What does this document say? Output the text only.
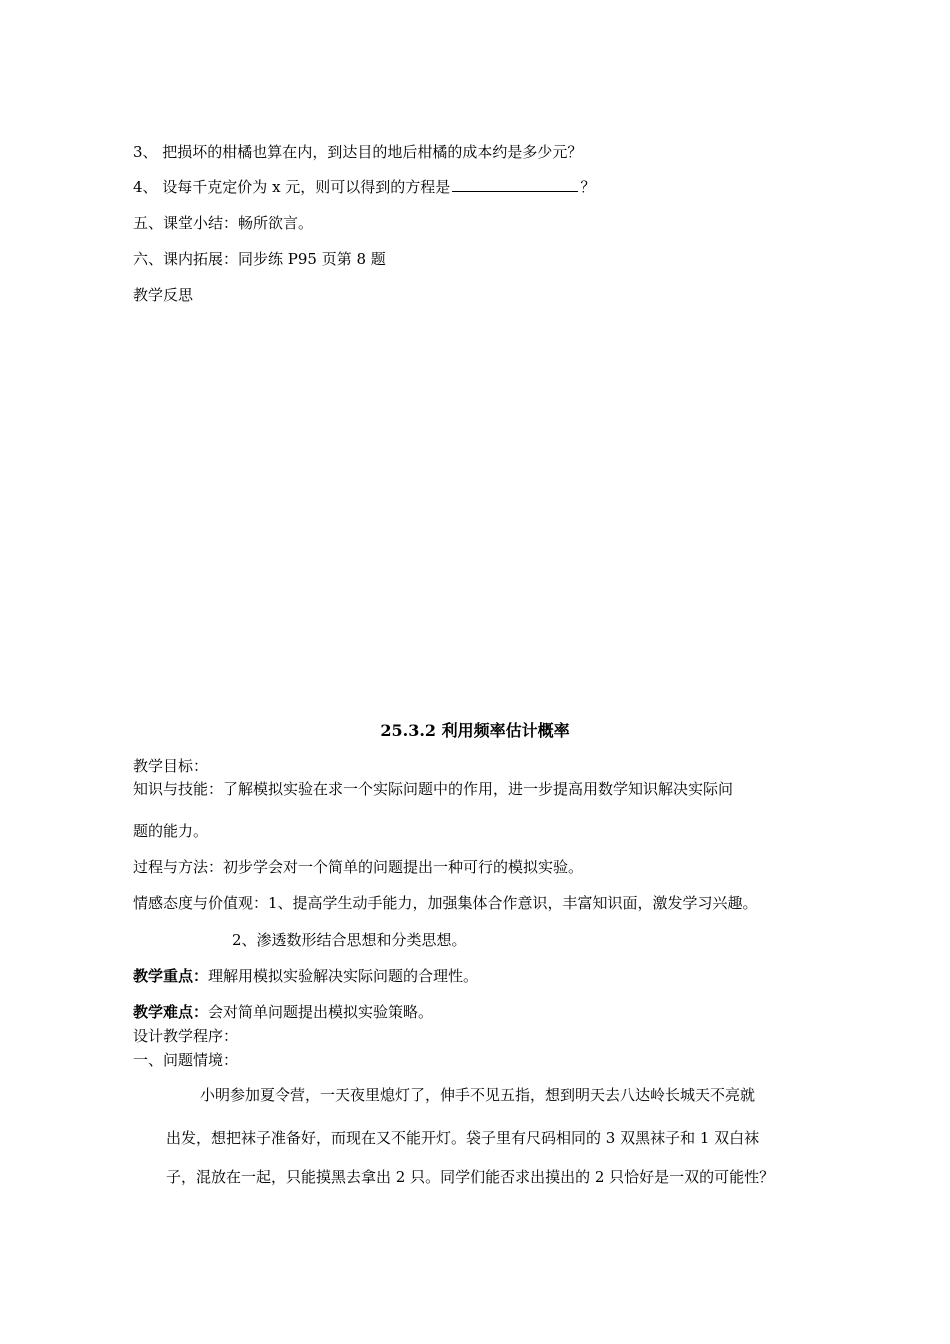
3、 把损坏的柑橘也算在内，到达目的地后柑橘的成本约是多少元？
4、 设每千克定价为 x 元，则可以得到的方程是	？
五、课堂小结：畅所欲言。
六、课内拓展：同步练 P95 页第 8 题
教学反思
25.3.2 利用频率估计概率
教学目标：
知识与技能：了解模拟实验在求一个实际问题中的作用，进一步提高用数学知识解决实际问
题的能力。
过程与方法：初步学会对一个简单的问题提出一种可行的模拟实验。
情感态度与价值观：1、提高学生动手能力，加强集体合作意识，丰富知识面，激发学习兴趣。
2、渗透数形结合思想和分类思想。
教学重点：理解用模拟实验解决实际问题的合理性。
教学难点：会对简单问题提出模拟实验策略。
设计教学程序：
一、问题情境：
小明参加夏令营，一天夜里熄灯了，伸手不见五指，想到明天去八达岭长城天不亮就
出发，想把袜子准备好，而现在又不能开灯。袋子里有尺码相同的 3 双黑袜子和 1 双白袜
子，混放在一起，只能摸黑去拿出 2 只。同学们能否求出摸出的 2 只恰好是一双的可能性？
